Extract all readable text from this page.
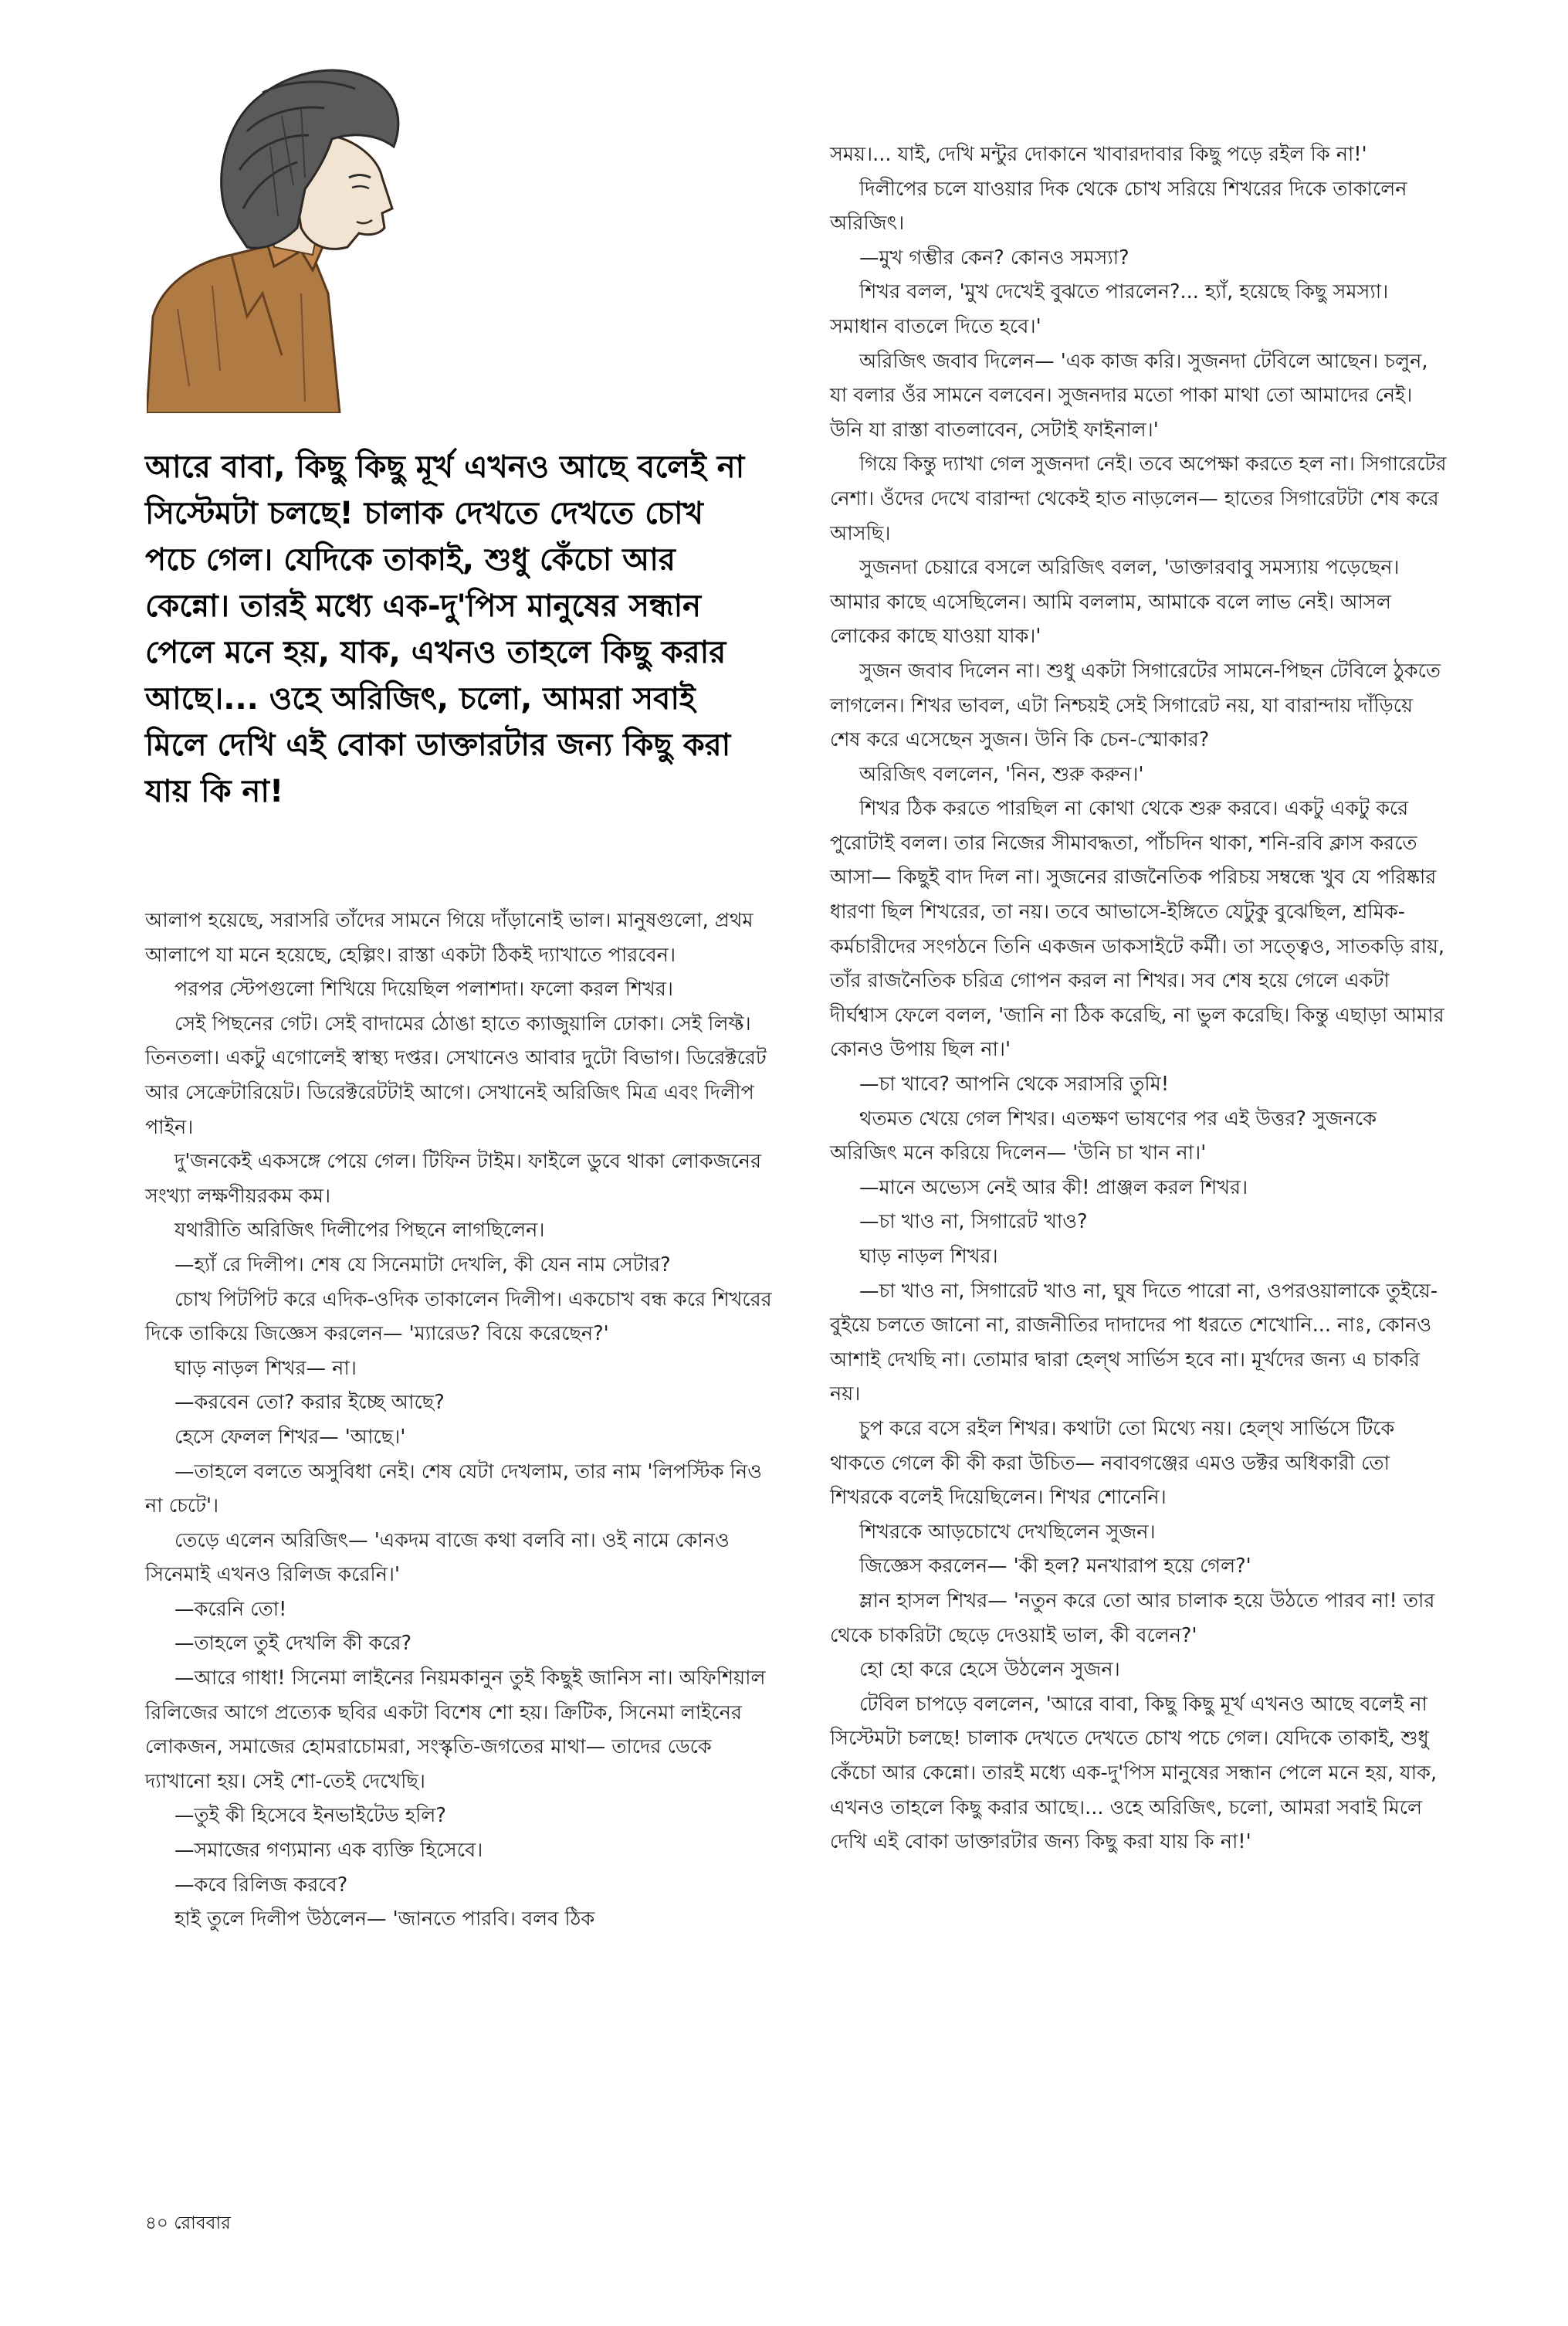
আরে বাবা, কিছু কিছু মূর্খ এখনও আছে বলেই না সিস্টেমটা চলছে! চালাক দেখতে দেখতে চোখ পচে গেল। যেদিকে তাকাই, শুধু কেঁচো আর কেন্নো। তারই মধ্যে এক-দু'পিস মানুষের সন্ধান পেলে মনে হয়, যাক, এখনও তাহলে কিছু করার আছে।... ওহে অরিজিৎ, চলো, আমরা সবাই মিলে দেখি এই বোকা ডাক্তারটার জন্য কিছু করা যায় কি না!

আলাপ হয়েছে, সরাসরি তাঁদের সামনে গিয়ে দাঁড়ানোই ভাল। মানুষগুলো, প্রথম আলাপে যা মনে হয়েছে, হেল্পিং। রাস্তা একটা ঠিকই দ্যাখাতে পারবেন।

পরপর স্টেপগুলো শিখিয়ে দিয়েছিল পলাশদা। ফলো করল শিখর।

সেই পিছনের গেট। সেই বাদামের ঠোঙা হাতে ক্যাজুয়ালি ঢোকা। সেই লিফ্ট। তিনতলা। একটু এগোলেই স্বাস্থ্য দপ্তর। সেখানেও আবার দুটো বিভাগ। ডিরেক্টরেট আর সেক্রেটারিয়েট। ডিরেক্টরেটটাই আগে। সেখানেই অরিজিৎ মিত্র এবং দিলীপ পাইন।

দু'জনকেই একসঙ্গে পেয়ে গেল। টিফিন টাইম। ফাইলে ডুবে থাকা লোকজনের সংখ্যা লক্ষণীয়রকম কম।

যথারীতি অরিজিৎ দিলীপের পিছনে লাগছিলেন।

—হ্যাঁ রে দিলীপ। শেষ যে সিনেমাটা দেখলি, কী যেন নাম সেটার?

চোখ পিটপিট করে এদিক-ওদিক তাকালেন দিলীপ। একচোখ বন্ধ করে শিখরের দিকে তাকিয়ে জিজ্ঞেস করলেন— 'ম্যারেড? বিয়ে করেছেন?'

ঘাড় নাড়ল শিখর— না।

—করবেন তো? করার ইচ্ছে আছে?

হেসে ফেলল শিখর— 'আছে।'

—তাহলে বলতে অসুবিধা নেই। শেষ যেটা দেখলাম, তার নাম 'লিপস্টিক নিও না চেটে'।

তেড়ে এলেন অরিজিৎ— 'একদম বাজে কথা বলবি না। ওই নামে কোনও সিনেমাই এখনও রিলিজ করেনি।'

—করেনি তো!

—তাহলে তুই দেখলি কী করে?

—আরে গাধা! সিনেমা লাইনের নিয়মকানুন তুই কিছুই জানিস না। অফিশিয়াল রিলিজের আগে প্রত্যেক ছবির একটা বিশেষ শো হয়। ক্রিটিক, সিনেমা লাইনের লোকজন, সমাজের হোমরাচোমরা, সংস্কৃতি-জগতের মাথা— তাদের ডেকে দ্যাখানো হয়। সেই শো-তেই দেখেছি।

—তুই কী হিসেবে ইনভাইটেড হলি?

—সমাজের গণ্যমান্য এক ব্যক্তি হিসেবে।

—কবে রিলিজ করবে?

হাই তুলে দিলীপ উঠলেন— 'জানতে পারবি। বলব ঠিক

সময়।... যাই, দেখি মন্টুর দোকানে খাবারদাবার কিছু পড়ে রইল কি না!'

দিলীপের চলে যাওয়ার দিক থেকে চোখ সরিয়ে শিখরের দিকে তাকালেন অরিজিৎ।

—মুখ গম্ভীর কেন? কোনও সমস্যা?

শিখর বলল, 'মুখ দেখেই বুঝতে পারলেন?... হ্যাঁ, হয়েছে কিছু সমস্যা। সমাধান বাতলে দিতে হবে।'

অরিজিৎ জবাব দিলেন— 'এক কাজ করি। সুজনদা টেবিলে আছেন। চলুন, যা বলার ওঁর সামনে বলবেন। সুজনদার মতো পাকা মাথা তো আমাদের নেই। উনি যা রাস্তা বাতলাবেন, সেটাই ফাইনাল।'

গিয়ে কিন্তু দ্যাখা গেল সুজনদা নেই। তবে অপেক্ষা করতে হল না। সিগারেটের নেশা। ওঁদের দেখে বারান্দা থেকেই হাত নাড়লেন— হাতের সিগারেটটা শেষ করে আসছি।

সুজনদা চেয়ারে বসলে অরিজিৎ বলল, 'ডাক্তারবাবু সমস্যায় পড়েছেন। আমার কাছে এসেছিলেন। আমি বললাম, আমাকে বলে লাভ নেই। আসল লোকের কাছে যাওয়া যাক।'

সুজন জবাব দিলেন না। শুধু একটা সিগারেটের সামনে-পিছন টেবিলে ঠুকতে লাগলেন। শিখর ভাবল, এটা নিশ্চয়ই সেই সিগারেট নয়, যা বারান্দায় দাঁড়িয়ে শেষ করে এসেছেন সুজন। উনি কি চেন-স্মোকার?

অরিজিৎ বললেন, 'নিন, শুরু করুন।'

শিখর ঠিক করতে পারছিল না কোথা থেকে শুরু করবে। একটু একটু করে পুরোটাই বলল। তার নিজের সীমাবদ্ধতা, পাঁচদিন থাকা, শনি-রবি ক্লাস করতে আসা— কিছুই বাদ দিল না। সুজনের রাজনৈতিক পরিচয় সম্বন্ধে খুব যে পরিষ্কার ধারণা ছিল শিখরের, তা নয়। তবে আভাসে-ইঙ্গিতে যেটুকু বুঝেছিল, শ্রমিক-কর্মচারীদের সংগঠনে তিনি একজন ডাকসাইটে কর্মী। তা সত্ত্বেও, সাতকড়ি রায়, তাঁর রাজনৈতিক চরিত্র গোপন করল না শিখর। সব শেষ হয়ে গেলে একটা দীর্ঘশ্বাস ফেলে বলল, 'জানি না ঠিক করেছি, না ভুল করেছি। কিন্তু এছাড়া আমার কোনও উপায় ছিল না।'

—চা খাবে? আপনি থেকে সরাসরি তুমি!

থতমত খেয়ে গেল শিখর। এতক্ষণ ভাষণের পর এই উত্তর? সুজনকে অরিজিৎ মনে করিয়ে দিলেন— 'উনি চা খান না।'

—মানে অভ্যেস নেই আর কী! প্রাঞ্জল করল শিখর।

—চা খাও না, সিগারেট খাও?

ঘাড় নাড়ল শিখর।

—চা খাও না, সিগারেট খাও না, ঘুষ দিতে পারো না, ওপরওয়ালাকে তুইয়ে-বুইয়ে চলতে জানো না, রাজনীতির দাদাদের পা ধরতে শেখোনি... নাঃ, কোনও আশাই দেখছি না। তোমার দ্বারা হেল্থ সার্ভিস হবে না। মূর্খদের জন্য এ চাকরি নয়।

চুপ করে বসে রইল শিখর। কথাটা তো মিথ্যে নয়। হেল্থ সার্ভিসে টিকে থাকতে গেলে কী কী করা উচিত— নবাবগঞ্জের এমও ডক্টর অধিকারী তো শিখরকে বলেই দিয়েছিলেন। শিখর শোনেনি।

শিখরকে আড়চোখে দেখছিলেন সুজন।

জিজ্ঞেস করলেন— 'কী হল? মনখারাপ হয়ে গেল?'

ম্লান হাসল শিখর— 'নতুন করে তো আর চালাক হয়ে উঠতে পারব না! তার থেকে চাকরিটা ছেড়ে দেওয়াই ভাল, কী বলেন?'

হো হো করে হেসে উঠলেন সুজন।

টেবিল চাপড়ে বললেন, 'আরে বাবা, কিছু কিছু মূর্খ এখনও আছে বলেই না সিস্টেমটা চলছে! চালাক দেখতে দেখতে চোখ পচে গেল। যেদিকে তাকাই, শুধু কেঁচো আর কেন্নো। তারই মধ্যে এক-দু'পিস মানুষের সন্ধান পেলে মনে হয়, যাক, এখনও তাহলে কিছু করার আছে।... ওহে অরিজিৎ, চলো, আমরা সবাই মিলে দেখি এই বোকা ডাক্তারটার জন্য কিছু করা যায় কি না!'

৪০ রোববার
